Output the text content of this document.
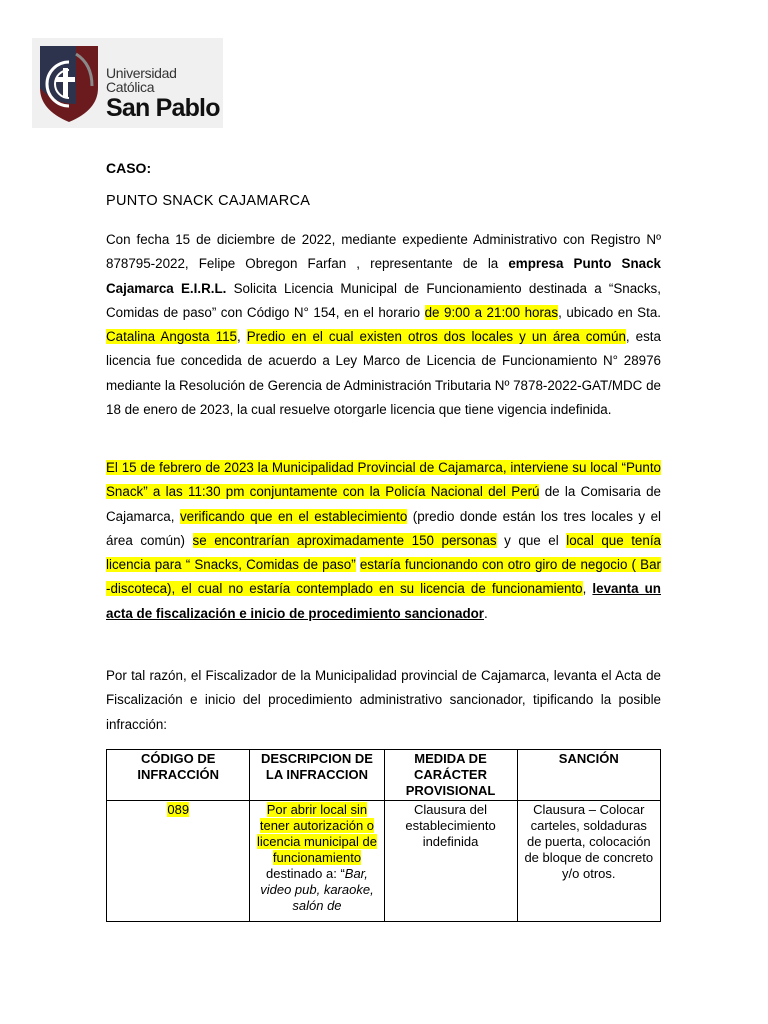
Universidad Católica
San Pablo
CASO:
PUNTO SNACK CAJAMARCA
Con fecha 15 de diciembre de 2022, mediante expediente Administrativo con Registro Nº 878795-2022, Felipe Obregon Farfan , representante de la empresa Punto Snack Cajamarca E.I.R.L. Solicita Licencia Municipal de Funcionamiento destinada a “Snacks, Comidas de paso” con Código N° 154, en el horario de 9:00 a 21:00 horas, ubicado en Sta. Catalina Angosta 115, Predio en el cual existen otros dos locales y un área común, esta licencia fue concedida de acuerdo a Ley Marco de Licencia de Funcionamiento N° 28976 mediante la Resolución de Gerencia de Administración Tributaria Nº 7878-2022-GAT/MDC de 18 de enero de 2023, la cual resuelve otorgarle licencia que tiene vigencia indefinida.
El 15 de febrero de 2023 la Municipalidad Provincial de Cajamarca, interviene su local “Punto Snack” a las 11:30 pm conjuntamente con la Policía Nacional del Perú de la Comisaria de Cajamarca, verificando que en el establecimiento (predio donde están los tres locales y el área común) se encontrarían aproximadamente 150 personas y que el local que tenía licencia para “ Snacks, Comidas de paso” estaría funcionando con otro giro de negocio ( Bar -discoteca), el cual no estaría contemplado en su licencia de funcionamiento, levanta un acta de fiscalización e inicio de procedimiento sancionador.
Por tal razón, el Fiscalizador de la Municipalidad provincial de Cajamarca, levanta el Acta de Fiscalización e inicio del procedimiento administrativo sancionador, tipificando la posible infracción:
CÓDIGO DE INFRACCIÓN	DESCRIPCION DE LA INFRACCION	MEDIDA DE CARÁCTER PROVISIONAL	SANCIÓN
089	Por abrir local sin tener autorización o licencia municipal de funcionamiento destinado a: “Bar, video pub, karaoke, salón de	Clausura del establecimiento indefinida	Clausura – Colocar carteles, soldaduras de puerta, colocación de bloque de concreto y/o otros.
